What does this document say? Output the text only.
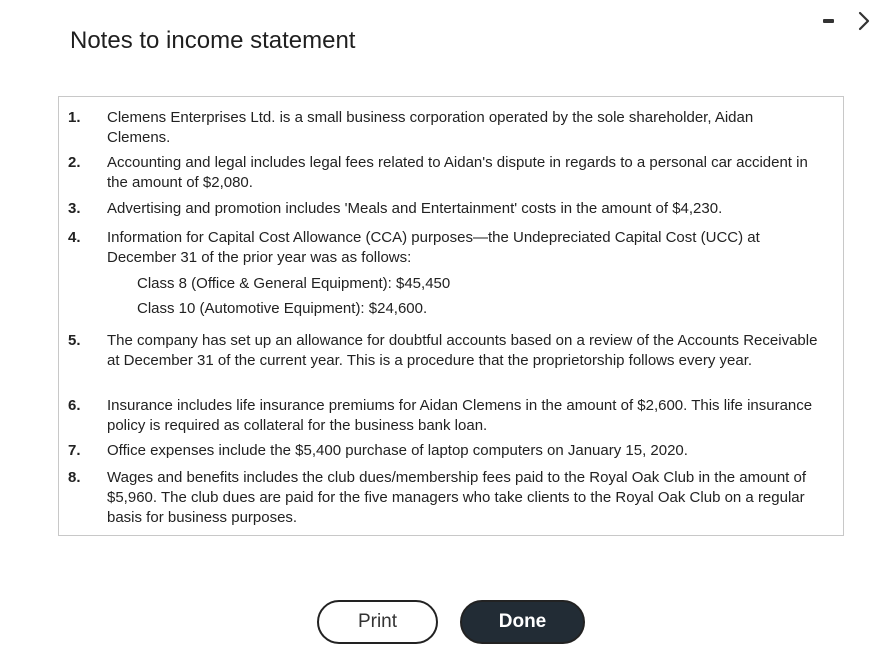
Notes to income statement
1. Clemens Enterprises Ltd. is a small business corporation operated by the sole shareholder, Aidan Clemens.
2. Accounting and legal includes legal fees related to Aidan's dispute in regards to a personal car accident in the amount of $2,080.
3. Advertising and promotion includes 'Meals and Entertainment' costs in the amount of $4,230.
4. Information for Capital Cost Allowance (CCA) purposes—the Undepreciated Capital Cost (UCC) at December 31 of the prior year was as follows:
Class 8 (Office & General Equipment): $45,450
Class 10 (Automotive Equipment): $24,600.
5. The company has set up an allowance for doubtful accounts based on a review of the Accounts Receivable at December 31 of the current year. This is a procedure that the proprietorship follows every year.
6. Insurance includes life insurance premiums for Aidan Clemens in the amount of $2,600. This life insurance policy is required as collateral for the business bank loan.
7. Office expenses include the $5,400 purchase of laptop computers on January 15, 2020.
8. Wages and benefits includes the club dues/membership fees paid to the Royal Oak Club in the amount of $5,960. The club dues are paid for the five managers who take clients to the Royal Oak Club on a regular basis for business purposes.
Print	Done
